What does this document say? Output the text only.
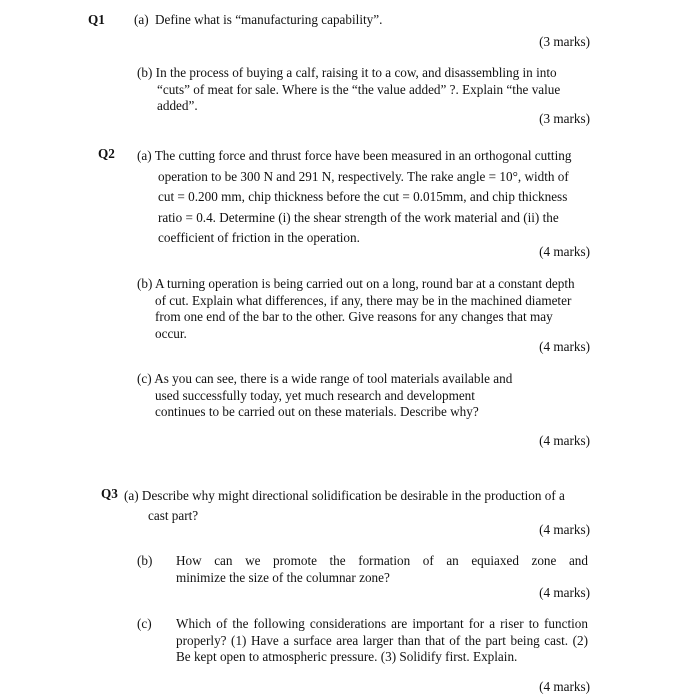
Q1 (a) Define what is “manufacturing capability”.
(3 marks)
(b) In the process of buying a calf, raising it to a cow, and disassembling in into
“cuts” of meat for sale. Where is the “the value added” ?. Explain “the value
added”.
(3 marks)
Q2 (a) The cutting force and thrust force have been measured in an orthogonal cutting
operation to be 300 N and 291 N, respectively. The rake angle = 10°, width of
cut = 0.200 mm, chip thickness before the cut = 0.015mm, and chip thickness
ratio = 0.4. Determine (i) the shear strength of the work material and (ii) the
coefficient of friction in the operation.
(4 marks)
(b) A turning operation is being carried out on a long, round bar at a constant depth
of cut. Explain what differences, if any, there may be in the machined diameter
from one end of the bar to the other. Give reasons for any changes that may
occur.
(4 marks)
(c) As you can see, there is a wide range of tool materials available and
used successfully today, yet much research and development
continues to be carried out on these materials. Describe why?
(4 marks)
Q3 (a) Describe why might directional solidification be desirable in the production of a
cast part?
(4 marks)
(b) How can we promote the formation of an equiaxed zone and
minimize the size of the columnar zone?
(4 marks)
(c) Which of the following considerations are important for a riser to function
properly? (1) Have a surface area larger than that of the part being cast. (2)
Be kept open to atmospheric pressure. (3) Solidify first. Explain.
(4 marks)
